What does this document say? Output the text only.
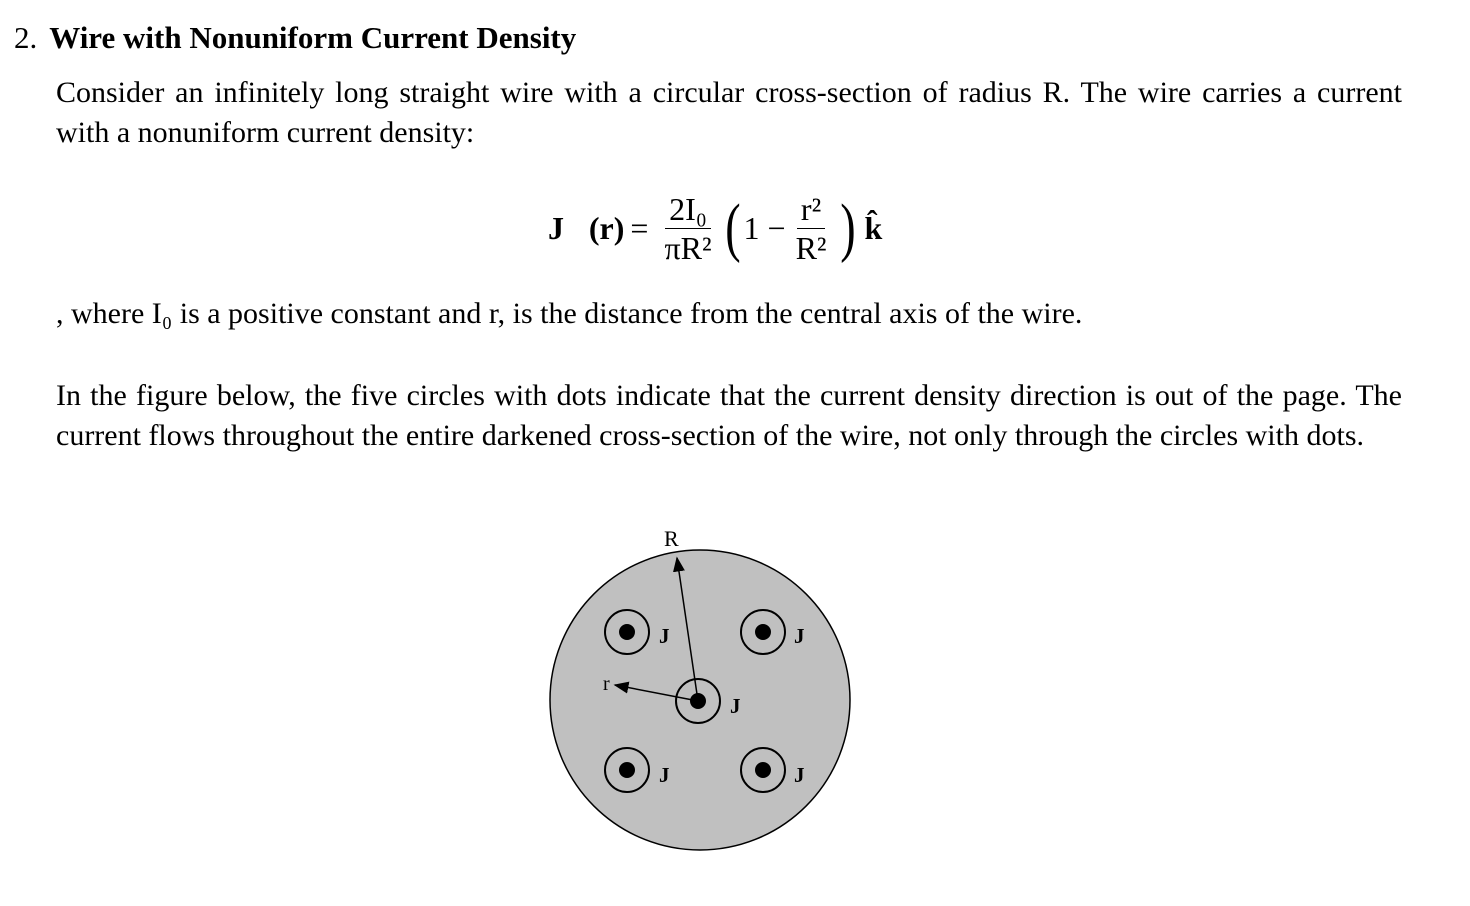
2. Wire with Nonuniform Current Density
Consider an infinitely long straight wire with a circular cross-section of radius R. The wire carries a current with a nonuniform current density:
J⃗(r) = $\frac{\text{2I₀}}{\text{πR²}}$ ( $1 - \frac{\text{r²}}{\text{R²}}$ ) k̂
, where I₀ is a positive constant and r, is the distance from the central axis of the wire.
In the figure below, the five circles with dots indicate that the current density direction is out of the page. The current flows throughout the entire darkened cross-section of the wire, not only through the circles with dots.
J	J
J
J	J
R
r
